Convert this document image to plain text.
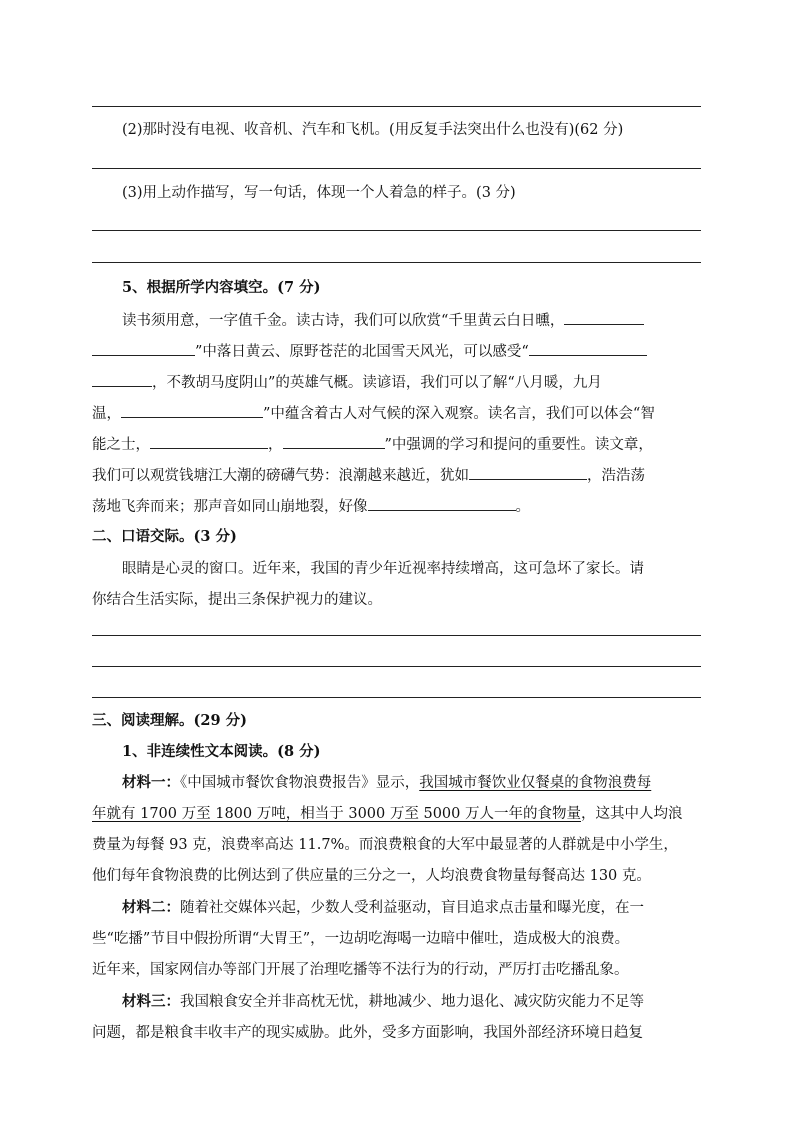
(2)那时没有电视、收音机、汽车和飞机。(用反复手法突出什么也没有)(62 分)
(3)用上动作描写，写一句话，体现一个人着急的样子。(3 分)
5、根据所学内容填空。(7 分)
读书须用意，一字值千金。读古诗，我们可以欣赏“千里黄云白日曛，
”中落日黄云、原野苍茫的北国雪天风光，可以感受“
，不教胡马度阴山”的英雄气概。读谚语，我们可以了解“八月暖，九月
温，	”中蕴含着古人对气候的深入观察。读名言，我们可以体会“智
能之士，	，	”中强调的学习和提问的重要性。读文章，
我们可以观赏钱塘江大潮的磅礴气势：浪潮越来越近，犹如	，浩浩荡
荡地飞奔而来；那声音如同山崩地裂，好像	。
二、口语交际。(3 分)
眼睛是心灵的窗口。近年来，我国的青少年近视率持续增高，这可急坏了家长。请
你结合生活实际，提出三条保护视力的建议。
三、阅读理解。(29 分)
1、非连续性文本阅读。(8 分)
材料一：《中国城市餐饮食物浪费报告》显示，我国城市餐饮业仅餐桌的食物浪费每
年就有 1700 万至 1800 万吨，相当于 3000 万至 5000 万人一年的食物量，这其中人均浪
费量为每餐 93 克，浪费率高达 11.7%。而浪费粮食的大军中最显著的人群就是中小学生，
他们每年食物浪费的比例达到了供应量的三分之一，人均浪费食物量每餐高达 130 克。
材料二：随着社交媒体兴起，少数人受利益驱动，盲目追求点击量和曝光度，在一
些“吃播”节目中假扮所谓“大胃王”，一边胡吃海喝一边暗中催吐，造成极大的浪费。
近年来，国家网信办等部门开展了治理吃播等不法行为的行动，严厉打击吃播乱象。
材料三：我国粮食安全并非高枕无忧，耕地减少、地力退化、减灾防灾能力不足等
问题，都是粮食丰收丰产的现实威胁。此外，受多方面影响，我国外部经济环境日趋复
